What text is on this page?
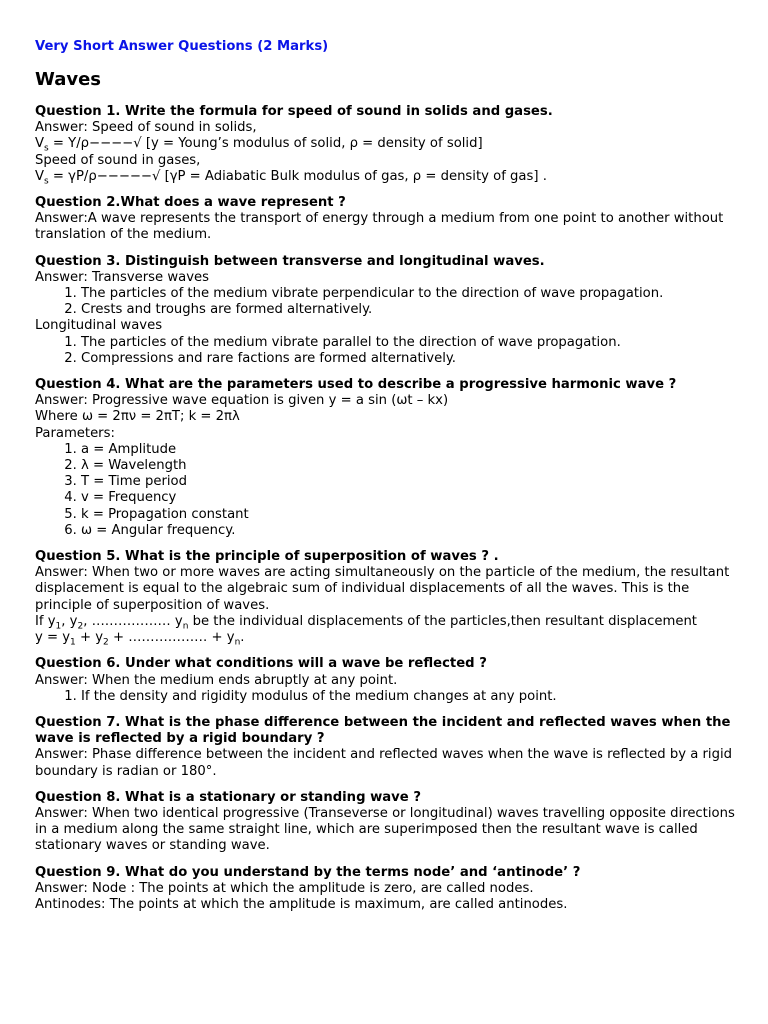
Very Short Answer Questions (2 Marks)
Waves
Question 1. Write the formula for speed of sound in solids and gases.
Answer: Speed of sound in solids,
$V_s = Y/\rho----√$ [y = Young’s modulus of solid, ρ = density of solid]
Speed of sound in gases,
$V_s = \gamma P/\rho-----√$ [γP = Adiabatic Bulk modulus of gas, ρ = density of gas] .
Question 2.What does a wave represent ?
Answer:A wave represents the transport of energy through a medium from one point to another without translation of the medium.
Question 3. Distinguish between transverse and longitudinal waves.
Answer: Transverse waves
1. The particles of the medium vibrate perpendicular to the direction of wave propagation.
2. Crests and troughs are formed alternatively.
Longitudinal waves
1. The particles of the medium vibrate parallel to the direction of wave propagation.
2. Compressions and rare factions are formed alternatively.
Question 4. What are the parameters used to describe a progressive harmonic wave ?
Answer: Progressive wave equation is given y = a sin (ωt – kx)
Where ω = 2πν = 2πT; k = 2πλ
Parameters:
1. a = Amplitude
2. λ = Wavelength
3. T = Time period
4. v = Frequency
5. k = Propagation constant
6. ω = Angular frequency.
Question 5. What is the principle of superposition of waves ? .
Answer: When two or more waves are acting simultaneously on the particle of the medium, the resultant displacement is equal to the algebraic sum of individual displacements of all the waves. This is the principle of superposition of waves.
If $y_1$, $y_2$, ……………… $y_n$ be the individual displacements of the particles,then resultant displacement
$y = y_1 + y_2$ + ……………… + $y_n$.
Question 6. Under what conditions will a wave be reflected ?
Answer: When the medium ends abruptly at any point.
1. If the density and rigidity modulus of the medium changes at any point.
Question 7. What is the phase difference between the incident and reflected waves when the wave is reflected by a rigid boundary ?
Answer: Phase difference between the incident and reflected waves when the wave is reflected by a rigid boundary is radian or 180°.
Question 8. What is a stationary or standing wave ?
Answer: When two identical progressive (Transeverse or longitudinal) waves travelling opposite directions in a medium along the same straight line, which are superimposed then the resultant wave is called stationary waves or standing wave.
Question 9. What do you understand by the terms node’ and ‘antinode’ ?
Answer: Node : The points at which the amplitude is zero, are called nodes.
Antinodes: The points at which the amplitude is maximum, are called antinodes.
